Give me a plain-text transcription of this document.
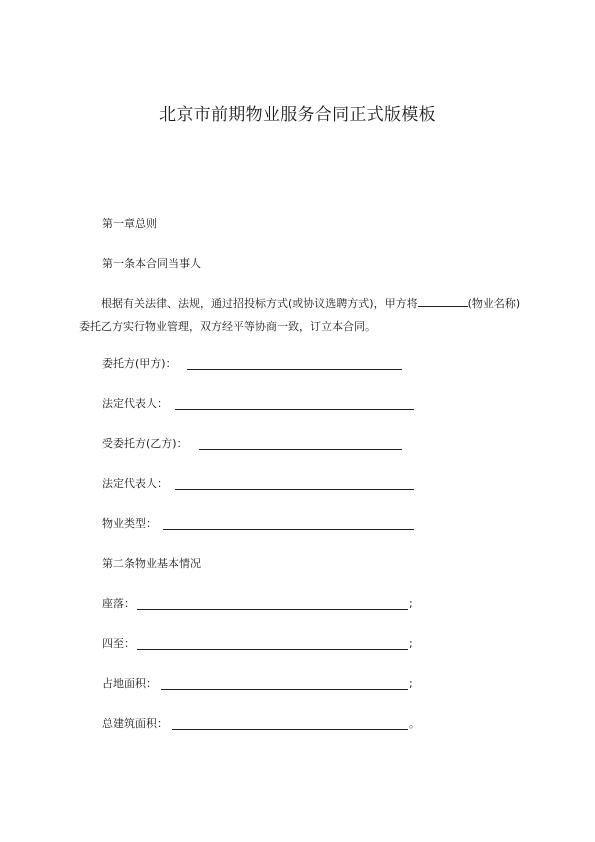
北京市前期物业服务合同正式版模板
第一章总则
第一条本合同当事人
根据有关法律、法规，通过招投标方式(或协议选聘方式)，甲方将	(物业名称)委托乙方实行物业管理，双方经平等协商一致，订立本合同。
委托方(甲方)：
法定代表人：
受委托方(乙方)：
法定代表人：
物业类型：
第二条物业基本情况
座落：	;
四至：	;
占地面积：	;
总建筑面积：	。
